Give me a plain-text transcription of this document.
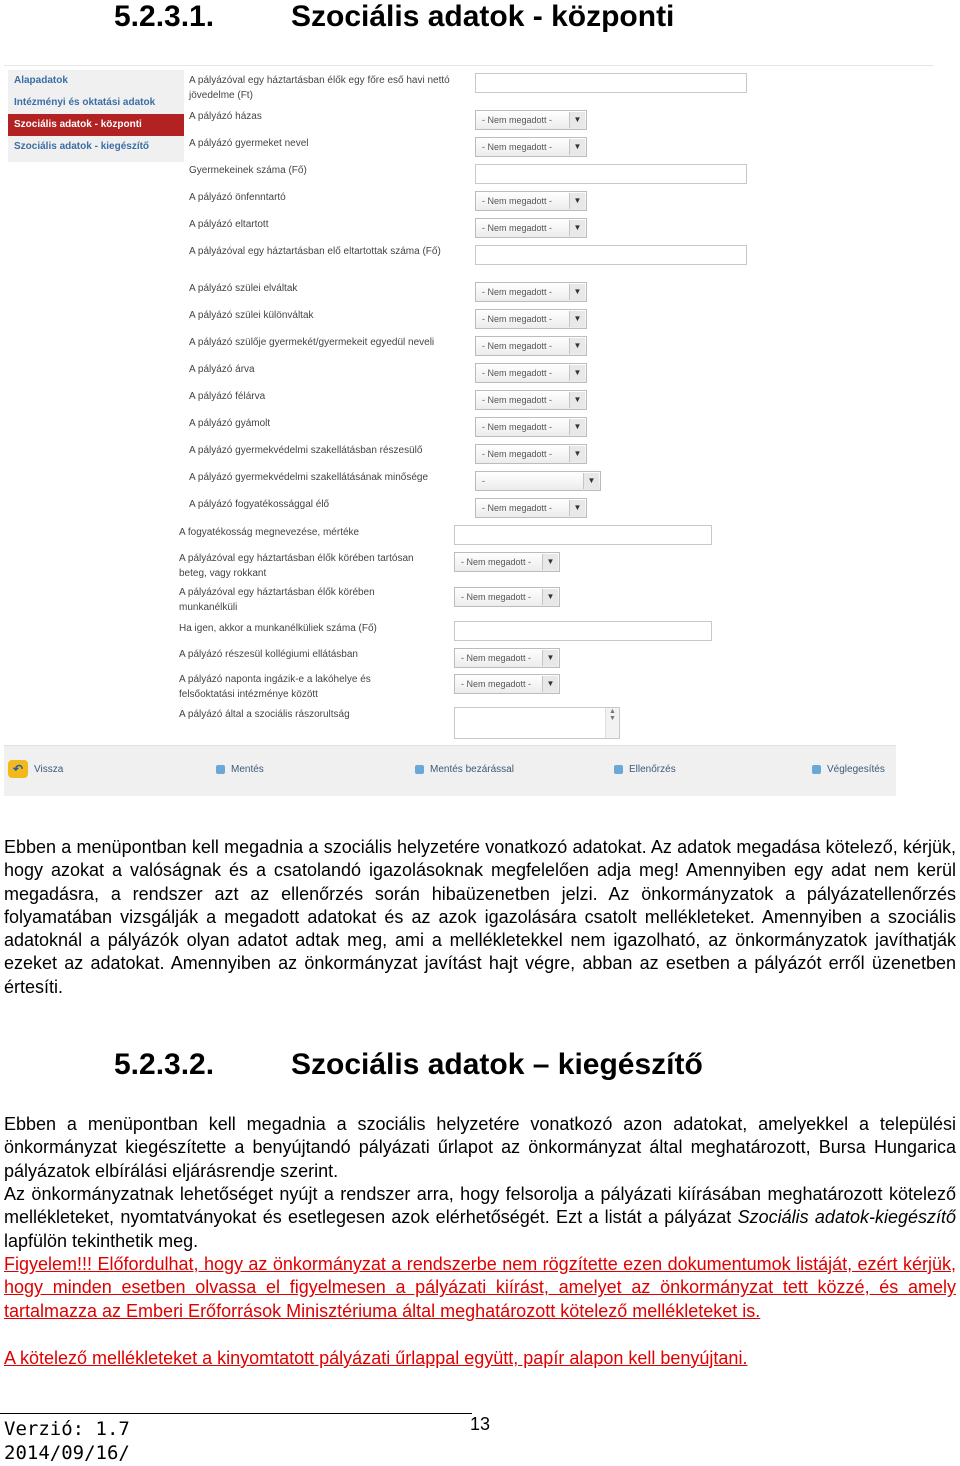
5.2.3.1.	Szociális adatok - központi
Alapadatok
Intézményi és oktatási adatok
Szociális adatok - központi
Szociális adatok - kiegészítő
A pályázóval egy háztartásban élők egy főre eső havi nettó jövedelme (Ft)
A pályázó házas	- Nem megadott -	▼
A pályázó gyermeket nevel	- Nem megadott -	▼
Gyermekeinek száma (Fő)
A pályázó önfenntartó	- Nem megadott -	▼
A pályázó eltartott	- Nem megadott -	▼
A pályázóval egy háztartásban elő eltartottak száma (Fő)
A pályázó szülei elváltak	- Nem megadott -	▼
A pályázó szülei különváltak	- Nem megadott -	▼
A pályázó szülője gyermekét/gyermekeit egyedül neveli	- Nem megadott -	▼
A pályázó árva	- Nem megadott -	▼
A pályázó félárva	- Nem megadott -	▼
A pályázó gyámolt	- Nem megadott -	▼
A pályázó gyermekvédelmi szakellátásban részesülő	- Nem megadott -	▼
A pályázó gyermekvédelmi szakellátásának minősége	-	▼
A pályázó fogyatékossággal élő	- Nem megadott -	▼
A fogyatékosság megnevezése, mértéke
A pályázóval egy háztartásban élők körében tartósan beteg, vagy rokkant
- Nem megadott -	▼
A pályázóval egy háztartásban élők körében munkanélküli
- Nem megadott -	▼
Ha igen, akkor a munkanélküliek száma (Fő)
A pályázó részesül kollégiumi ellátásban	- Nem megadott -	▼
A pályázó naponta ingázik-e a lakóhelye és felsőoktatási intézménye között
- Nem megadott -	▼
A pályázó által a szociális rászorultság	▲
▼
↶	Vissza	Mentés	Mentés bezárással	Ellenőrzés	Véglegesítés

Ebben a menüpontban kell megadnia a szociális helyzetére vonatkozó adatokat. Az adatok megadása kötelező, kérjük, hogy azokat a valóságnak és a csatolandó igazolásoknak megfelelően adja meg! Amennyiben egy adat nem kerül megadásra, a rendszer azt az ellenőrzés során hibaüzenetben jelzi. Az önkormányzatok a pályázatellenőrzés folyamatában vizsgálják a megadott adatokat és az azok igazolására csatolt mellékleteket. Amennyiben a szociális adatoknál a pályázók olyan adatot adtak meg, ami a mellékletekkel nem igazolható, az önkormányzatok javíthatják ezeket az adatokat. Amennyiben az önkormányzat javítást hajt végre, abban az esetben a pályázót erről üzenetben értesíti.

5.2.3.2.	Szociális adatok – kiegészítő

Ebben a menüpontban kell megadnia a szociális helyzetére vonatkozó azon adatokat, amelyekkel a települési önkormányzat kiegészítette a benyújtandó pályázati űrlapot az önkormányzat által meghatározott, Bursa Hungarica pályázatok elbírálási eljárásrendje szerint.

Az önkormányzatnak lehetőséget nyújt a rendszer arra, hogy felsorolja a pályázati kiírásában meghatározott kötelező mellékleteket, nyomtatványokat és esetlegesen azok elérhetőségét. Ezt a listát a pályázat Szociális adatok-kiegészítő lapfülön tekinthetik meg.

Figyelem!!! Előfordulhat, hogy az önkormányzat a rendszerbe nem rögzítette ezen dokumentumok listáját, ezért kérjük, hogy minden esetben olvassa el figyelmesen a pályázati kiírást, amelyet az önkormányzat tett közzé, és amely tartalmazza az Emberi Erőforrások Minisztériuma által meghatározott kötelező mellékleteket is.

A kötelező mellékleteket a kinyomtatott pályázati űrlappal együtt, papír alapon kell benyújtani.

Verzió: 1.7
2014/09/16/
13
